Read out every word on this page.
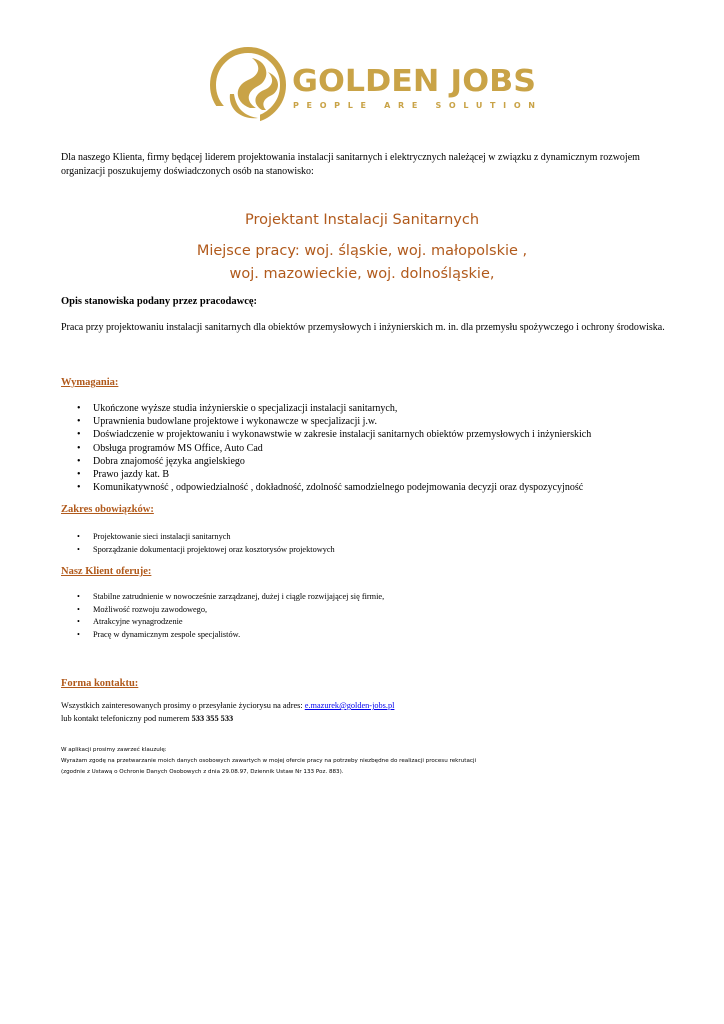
GOLDEN JOBS
PEOPLE ARE SOLUTION
Dla naszego Klienta, firmy będącej liderem projektowania instalacji sanitarnych i elektrycznych należącej w związku z dynamicznym rozwojem organizacji poszukujemy doświadczonych osób na stanowisko:
Projektant Instalacji Sanitarnych
Miejsce pracy: woj. śląskie, woj. małopolskie ,
woj. mazowieckie, woj. dolnośląskie,
Opis stanowiska podany przez pracodawcę:
Praca przy projektowaniu instalacji sanitarnych dla obiektów przemysłowych i inżynierskich m. in. dla przemysłu spożywczego i ochrony środowiska.
Wymagania:
• Ukończone wyższe studia inżynierskie o specjalizacji instalacji sanitarnych,
• Uprawnienia budowlane projektowe i wykonawcze w specjalizacji j.w.
• Doświadczenie w projektowaniu i wykonawstwie w zakresie instalacji sanitarnych obiektów przemysłowych i inżynierskich
• Obsługa programów MS Office, Auto Cad
• Dobra znajomość języka angielskiego
• Prawo jazdy kat. B
• Komunikatywność , odpowiedzialność , dokładność, zdolność samodzielnego podejmowania decyzji oraz dyspozycyjność
Zakres obowiązków:
• Projektowanie sieci instalacji sanitarnych
• Sporządzanie dokumentacji projektowej oraz kosztorysów projektowych
Nasz Klient oferuje:
• Stabilne zatrudnienie w nowocześnie zarządzanej, dużej i ciągle rozwijającej się firmie,
• Możliwość rozwoju zawodowego,
• Atrakcyjne wynagrodzenie
• Pracę w dynamicznym zespole specjalistów.
Forma kontaktu:
Wszystkich zainteresowanych prosimy o przesyłanie życiorysu na adres: e.mazurek@golden-jobs.pl
lub kontakt telefoniczny pod numerem 533 355 533
W aplikacji prosimy zawrzeć klauzulę:
Wyrażam zgodę na przetwarzanie moich danych osobowych zawartych w mojej ofercie pracy na potrzeby niezbędne do realizacji procesu rekrutacji
(zgodnie z Ustawą o Ochronie Danych Osobowych z dnia 29.08.97, Dziennik Ustaw Nr 133 Poz. 883).
